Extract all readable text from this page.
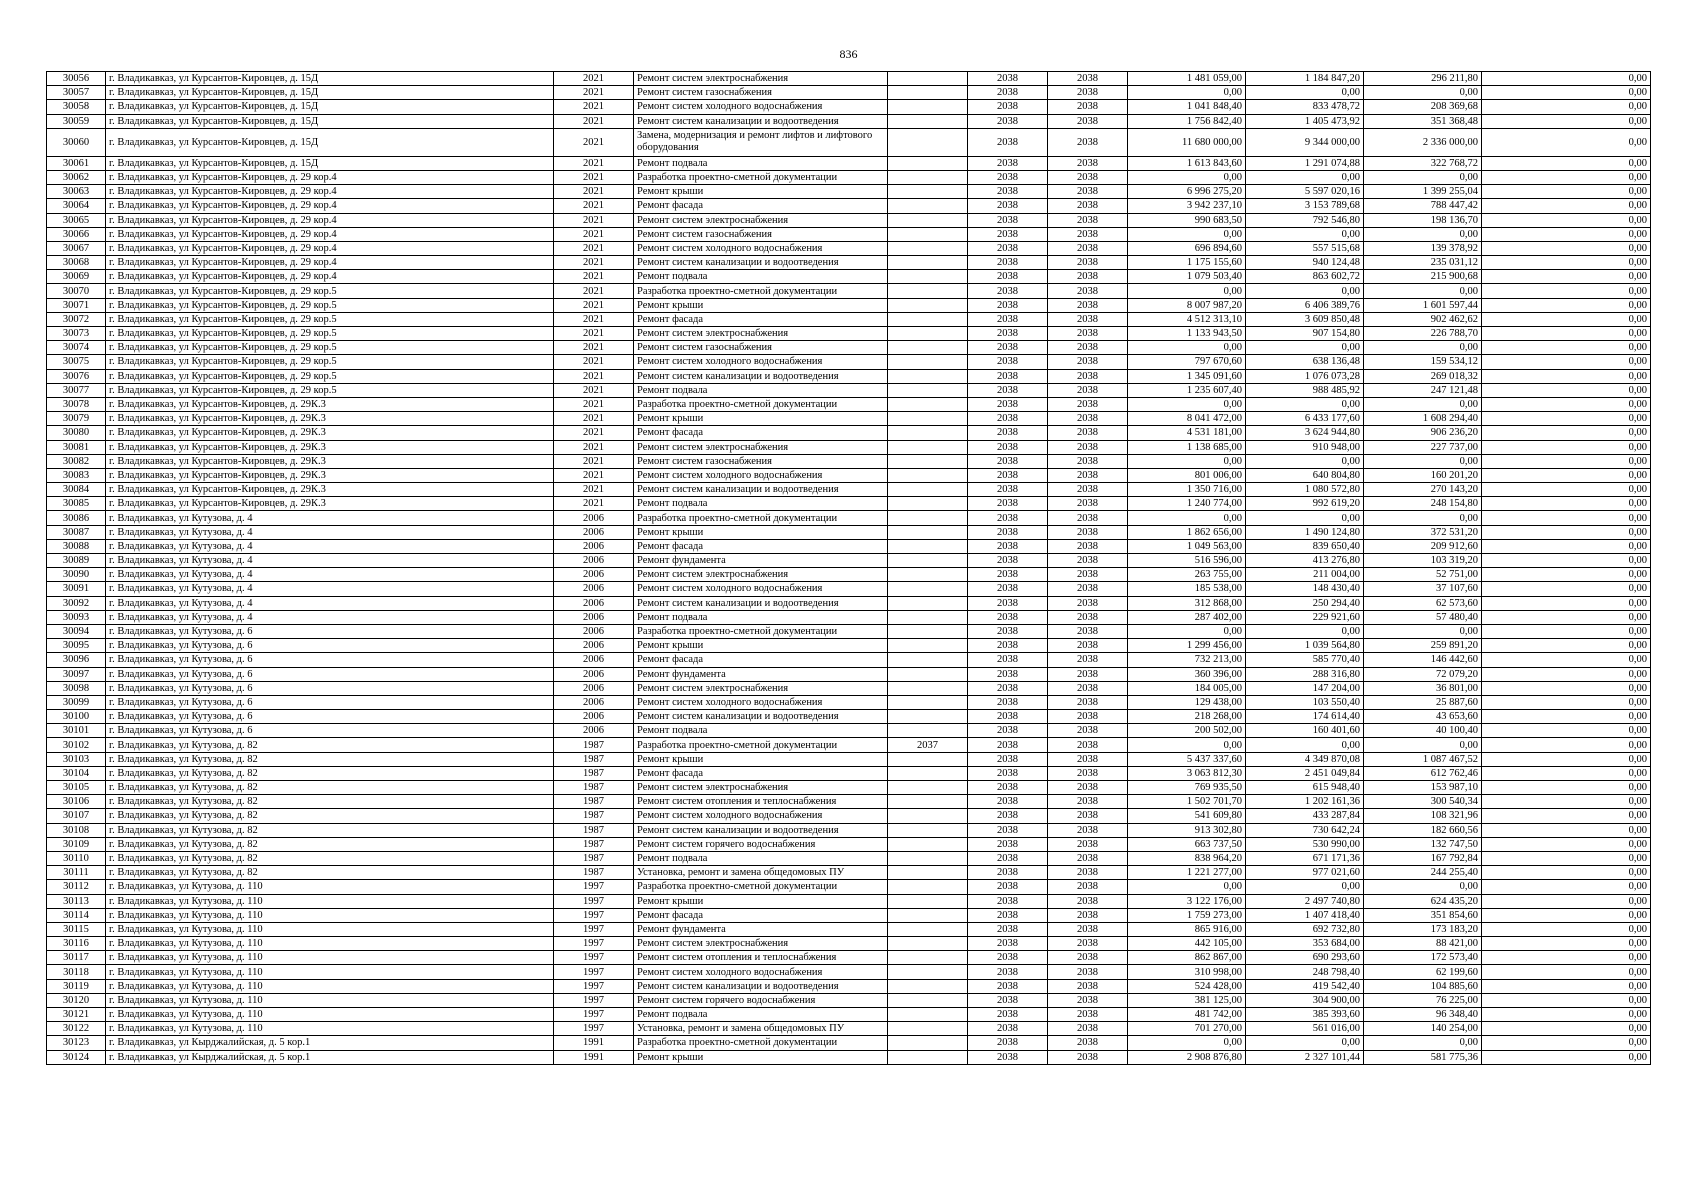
836
30056	г. Владикавказ, ул Курсантов-Кировцев, д. 15Д	2021	Ремонт систем электроснабжения		2038	2038	1 481 059,00	1 184 847,20	296 211,80	0,00
30057	г. Владикавказ, ул Курсантов-Кировцев, д. 15Д	2021	Ремонт систем газоснабжения		2038	2038	0,00	0,00	0,00	0,00
30058	г. Владикавказ, ул Курсантов-Кировцев, д. 15Д	2021	Ремонт систем холодного водоснабжения		2038	2038	1 041 848,40	833 478,72	208 369,68	0,00
30059	г. Владикавказ, ул Курсантов-Кировцев, д. 15Д	2021	Ремонт систем канализации и водоотведения		2038	2038	1 756 842,40	1 405 473,92	351 368,48	0,00
30060	г. Владикавказ, ул Курсантов-Кировцев, д. 15Д	2021	Замена, модернизация и ремонт лифтов и лифтового оборудования		2038	2038	11 680 000,00	9 344 000,00	2 336 000,00	0,00
30061	г. Владикавказ, ул Курсантов-Кировцев, д. 15Д	2021	Ремонт подвала		2038	2038	1 613 843,60	1 291 074,88	322 768,72	0,00
30062	г. Владикавказ, ул Курсантов-Кировцев, д. 29 кор.4	2021	Разработка проектно-сметной документации		2038	2038	0,00	0,00	0,00	0,00
30063	г. Владикавказ, ул Курсантов-Кировцев, д. 29 кор.4	2021	Ремонт крыши		2038	2038	6 996 275,20	5 597 020,16	1 399 255,04	0,00
30064	г. Владикавказ, ул Курсантов-Кировцев, д. 29 кор.4	2021	Ремонт фасада		2038	2038	3 942 237,10	3 153 789,68	788 447,42	0,00
30065	г. Владикавказ, ул Курсантов-Кировцев, д. 29 кор.4	2021	Ремонт систем электроснабжения		2038	2038	990 683,50	792 546,80	198 136,70	0,00
30066	г. Владикавказ, ул Курсантов-Кировцев, д. 29 кор.4	2021	Ремонт систем газоснабжения		2038	2038	0,00	0,00	0,00	0,00
30067	г. Владикавказ, ул Курсантов-Кировцев, д. 29 кор.4	2021	Ремонт систем холодного водоснабжения		2038	2038	696 894,60	557 515,68	139 378,92	0,00
30068	г. Владикавказ, ул Курсантов-Кировцев, д. 29 кор.4	2021	Ремонт систем канализации и водоотведения		2038	2038	1 175 155,60	940 124,48	235 031,12	0,00
30069	г. Владикавказ, ул Курсантов-Кировцев, д. 29 кор.4	2021	Ремонт подвала		2038	2038	1 079 503,40	863 602,72	215 900,68	0,00
30070	г. Владикавказ, ул Курсантов-Кировцев, д. 29 кор.5	2021	Разработка проектно-сметной документации		2038	2038	0,00	0,00	0,00	0,00
30071	г. Владикавказ, ул Курсантов-Кировцев, д. 29 кор.5	2021	Ремонт крыши		2038	2038	8 007 987,20	6 406 389,76	1 601 597,44	0,00
30072	г. Владикавказ, ул Курсантов-Кировцев, д. 29 кор.5	2021	Ремонт фасада		2038	2038	4 512 313,10	3 609 850,48	902 462,62	0,00
30073	г. Владикавказ, ул Курсантов-Кировцев, д. 29 кор.5	2021	Ремонт систем электроснабжения		2038	2038	1 133 943,50	907 154,80	226 788,70	0,00
30074	г. Владикавказ, ул Курсантов-Кировцев, д. 29 кор.5	2021	Ремонт систем газоснабжения		2038	2038	0,00	0,00	0,00	0,00
30075	г. Владикавказ, ул Курсантов-Кировцев, д. 29 кор.5	2021	Ремонт систем холодного водоснабжения		2038	2038	797 670,60	638 136,48	159 534,12	0,00
30076	г. Владикавказ, ул Курсантов-Кировцев, д. 29 кор.5	2021	Ремонт систем канализации и водоотведения		2038	2038	1 345 091,60	1 076 073,28	269 018,32	0,00
30077	г. Владикавказ, ул Курсантов-Кировцев, д. 29 кор.5	2021	Ремонт подвала		2038	2038	1 235 607,40	988 485,92	247 121,48	0,00
30078	г. Владикавказ, ул Курсантов-Кировцев, д. 29К.3	2021	Разработка проектно-сметной документации		2038	2038	0,00	0,00	0,00	0,00
30079	г. Владикавказ, ул Курсантов-Кировцев, д. 29К.3	2021	Ремонт крыши		2038	2038	8 041 472,00	6 433 177,60	1 608 294,40	0,00
30080	г. Владикавказ, ул Курсантов-Кировцев, д. 29К.3	2021	Ремонт фасада		2038	2038	4 531 181,00	3 624 944,80	906 236,20	0,00
30081	г. Владикавказ, ул Курсантов-Кировцев, д. 29К.3	2021	Ремонт систем электроснабжения		2038	2038	1 138 685,00	910 948,00	227 737,00	0,00
30082	г. Владикавказ, ул Курсантов-Кировцев, д. 29К.3	2021	Ремонт систем газоснабжения		2038	2038	0,00	0,00	0,00	0,00
30083	г. Владикавказ, ул Курсантов-Кировцев, д. 29К.3	2021	Ремонт систем холодного водоснабжения		2038	2038	801 006,00	640 804,80	160 201,20	0,00
30084	г. Владикавказ, ул Курсантов-Кировцев, д. 29К.3	2021	Ремонт систем канализации и водоотведения		2038	2038	1 350 716,00	1 080 572,80	270 143,20	0,00
30085	г. Владикавказ, ул Курсантов-Кировцев, д. 29К.3	2021	Ремонт подвала		2038	2038	1 240 774,00	992 619,20	248 154,80	0,00
30086	г. Владикавказ, ул Кутузова, д. 4	2006	Разработка проектно-сметной документации		2038	2038	0,00	0,00	0,00	0,00
30087	г. Владикавказ, ул Кутузова, д. 4	2006	Ремонт крыши		2038	2038	1 862 656,00	1 490 124,80	372 531,20	0,00
30088	г. Владикавказ, ул Кутузова, д. 4	2006	Ремонт фасада		2038	2038	1 049 563,00	839 650,40	209 912,60	0,00
30089	г. Владикавказ, ул Кутузова, д. 4	2006	Ремонт фундамента		2038	2038	516 596,00	413 276,80	103 319,20	0,00
30090	г. Владикавказ, ул Кутузова, д. 4	2006	Ремонт систем электроснабжения		2038	2038	263 755,00	211 004,00	52 751,00	0,00
30091	г. Владикавказ, ул Кутузова, д. 4	2006	Ремонт систем холодного водоснабжения		2038	2038	185 538,00	148 430,40	37 107,60	0,00
30092	г. Владикавказ, ул Кутузова, д. 4	2006	Ремонт систем канализации и водоотведения		2038	2038	312 868,00	250 294,40	62 573,60	0,00
30093	г. Владикавказ, ул Кутузова, д. 4	2006	Ремонт подвала		2038	2038	287 402,00	229 921,60	57 480,40	0,00
30094	г. Владикавказ, ул Кутузова, д. 6	2006	Разработка проектно-сметной документации		2038	2038	0,00	0,00	0,00	0,00
30095	г. Владикавказ, ул Кутузова, д. 6	2006	Ремонт крыши		2038	2038	1 299 456,00	1 039 564,80	259 891,20	0,00
30096	г. Владикавказ, ул Кутузова, д. 6	2006	Ремонт фасада		2038	2038	732 213,00	585 770,40	146 442,60	0,00
30097	г. Владикавказ, ул Кутузова, д. 6	2006	Ремонт фундамента		2038	2038	360 396,00	288 316,80	72 079,20	0,00
30098	г. Владикавказ, ул Кутузова, д. 6	2006	Ремонт систем электроснабжения		2038	2038	184 005,00	147 204,00	36 801,00	0,00
30099	г. Владикавказ, ул Кутузова, д. 6	2006	Ремонт систем холодного водоснабжения		2038	2038	129 438,00	103 550,40	25 887,60	0,00
30100	г. Владикавказ, ул Кутузова, д. 6	2006	Ремонт систем канализации и водоотведения		2038	2038	218 268,00	174 614,40	43 653,60	0,00
30101	г. Владикавказ, ул Кутузова, д. 6	2006	Ремонт подвала		2038	2038	200 502,00	160 401,60	40 100,40	0,00
30102	г. Владикавказ, ул Кутузова, д. 82	1987	Разработка проектно-сметной документации	2037	2038	2038	0,00	0,00	0,00	0,00
30103	г. Владикавказ, ул Кутузова, д. 82	1987	Ремонт крыши		2038	2038	5 437 337,60	4 349 870,08	1 087 467,52	0,00
30104	г. Владикавказ, ул Кутузова, д. 82	1987	Ремонт фасада		2038	2038	3 063 812,30	2 451 049,84	612 762,46	0,00
30105	г. Владикавказ, ул Кутузова, д. 82	1987	Ремонт систем электроснабжения		2038	2038	769 935,50	615 948,40	153 987,10	0,00
30106	г. Владикавказ, ул Кутузова, д. 82	1987	Ремонт систем отопления и теплоснабжения		2038	2038	1 502 701,70	1 202 161,36	300 540,34	0,00
30107	г. Владикавказ, ул Кутузова, д. 82	1987	Ремонт систем холодного водоснабжения		2038	2038	541 609,80	433 287,84	108 321,96	0,00
30108	г. Владикавказ, ул Кутузова, д. 82	1987	Ремонт систем канализации и водоотведения		2038	2038	913 302,80	730 642,24	182 660,56	0,00
30109	г. Владикавказ, ул Кутузова, д. 82	1987	Ремонт систем горячего водоснабжения		2038	2038	663 737,50	530 990,00	132 747,50	0,00
30110	г. Владикавказ, ул Кутузова, д. 82	1987	Ремонт подвала		2038	2038	838 964,20	671 171,36	167 792,84	0,00
30111	г. Владикавказ, ул Кутузова, д. 82	1987	Установка, ремонт и замена общедомовых ПУ		2038	2038	1 221 277,00	977 021,60	244 255,40	0,00
30112	г. Владикавказ, ул Кутузова, д. 110	1997	Разработка проектно-сметной документации		2038	2038	0,00	0,00	0,00	0,00
30113	г. Владикавказ, ул Кутузова, д. 110	1997	Ремонт крыши		2038	2038	3 122 176,00	2 497 740,80	624 435,20	0,00
30114	г. Владикавказ, ул Кутузова, д. 110	1997	Ремонт фасада		2038	2038	1 759 273,00	1 407 418,40	351 854,60	0,00
30115	г. Владикавказ, ул Кутузова, д. 110	1997	Ремонт фундамента		2038	2038	865 916,00	692 732,80	173 183,20	0,00
30116	г. Владикавказ, ул Кутузова, д. 110	1997	Ремонт систем электроснабжения		2038	2038	442 105,00	353 684,00	88 421,00	0,00
30117	г. Владикавказ, ул Кутузова, д. 110	1997	Ремонт систем отопления и теплоснабжения		2038	2038	862 867,00	690 293,60	172 573,40	0,00
30118	г. Владикавказ, ул Кутузова, д. 110	1997	Ремонт систем холодного водоснабжения		2038	2038	310 998,00	248 798,40	62 199,60	0,00
30119	г. Владикавказ, ул Кутузова, д. 110	1997	Ремонт систем канализации и водоотведения		2038	2038	524 428,00	419 542,40	104 885,60	0,00
30120	г. Владикавказ, ул Кутузова, д. 110	1997	Ремонт систем горячего водоснабжения		2038	2038	381 125,00	304 900,00	76 225,00	0,00
30121	г. Владикавказ, ул Кутузова, д. 110	1997	Ремонт подвала		2038	2038	481 742,00	385 393,60	96 348,40	0,00
30122	г. Владикавказ, ул Кутузова, д. 110	1997	Установка, ремонт и замена общедомовых ПУ		2038	2038	701 270,00	561 016,00	140 254,00	0,00
30123	г. Владикавказ, ул Кырджалийская, д. 5 кор.1	1991	Разработка проектно-сметной документации		2038	2038	0,00	0,00	0,00	0,00
30124	г. Владикавказ, ул Кырджалийская, д. 5 кор.1	1991	Ремонт крыши		2038	2038	2 908 876,80	2 327 101,44	581 775,36	0,00
